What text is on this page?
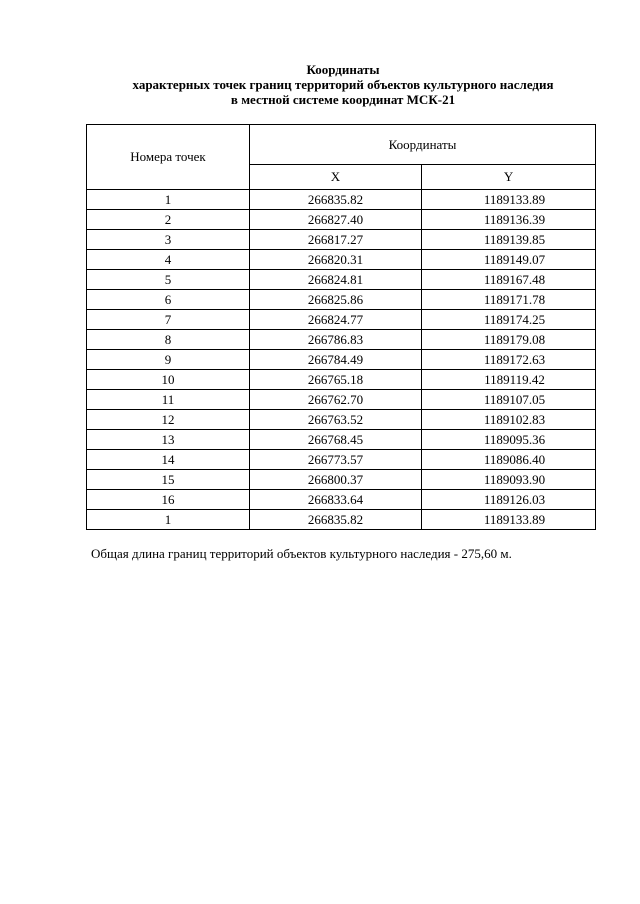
Координаты
характерных точек границ территорий объектов культурного наследия
в местной системе координат МСК-21
Номера точек	Координаты	
	X	Y
1	266835.82	1189133.89
2	266827.40	1189136.39
3	266817.27	1189139.85
4	266820.31	1189149.07
5	266824.81	1189167.48
6	266825.86	1189171.78
7	266824.77	1189174.25
8	266786.83	1189179.08
9	266784.49	1189172.63
10	266765.18	1189119.42
11	266762.70	1189107.05
12	266763.52	1189102.83
13	266768.45	1189095.36
14	266773.57	1189086.40
15	266800.37	1189093.90
16	266833.64	1189126.03
1	266835.82	1189133.89
Общая длина границ территорий объектов культурного наследия - 275,60 м.
